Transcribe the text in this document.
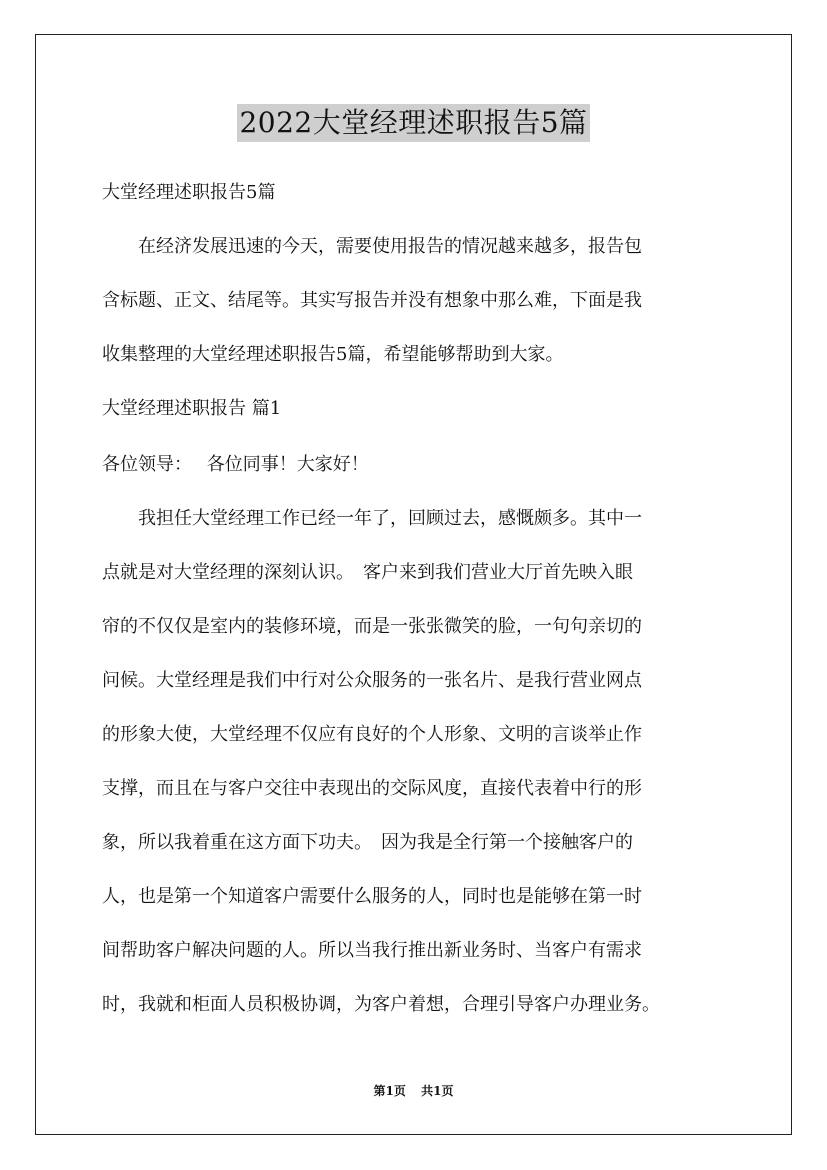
2022大堂经理述职报告5篇
大堂经理述职报告5篇
　　在经济发展迅速的今天，需要使用报告的情况越来越多，报告包
含标题、正文、结尾等。其实写报告并没有想象中那么难，下面是我
收集整理的大堂经理述职报告5篇，希望能够帮助到大家。
大堂经理述职报告 篇1
各位领导：　 各位同事！大家好！
　　我担任大堂经理工作已经一年了，回顾过去，感慨颇多。其中一
点就是对大堂经理的深刻认识。　客户来到我们营业大厅首先映入眼
帘的不仅仅是室内的装修环境，而是一张张微笑的脸，一句句亲切的
问候。大堂经理是我们中行对公众服务的一张名片、是我行营业网点
的形象大使，大堂经理不仅应有良好的个人形象、文明的言谈举止作
支撑，而且在与客户交往中表现出的交际风度，直接代表着中行的形
象，所以我着重在这方面下功夫。　因为我是全行第一个接触客户的
人，也是第一个知道客户需要什么服务的人，同时也是能够在第一时
间帮助客户解决问题的人。所以当我行推出新业务时、当客户有需求
时，我就和柜面人员积极协调，为客户着想，合理引导客户办理业务。
第1页 共1页
